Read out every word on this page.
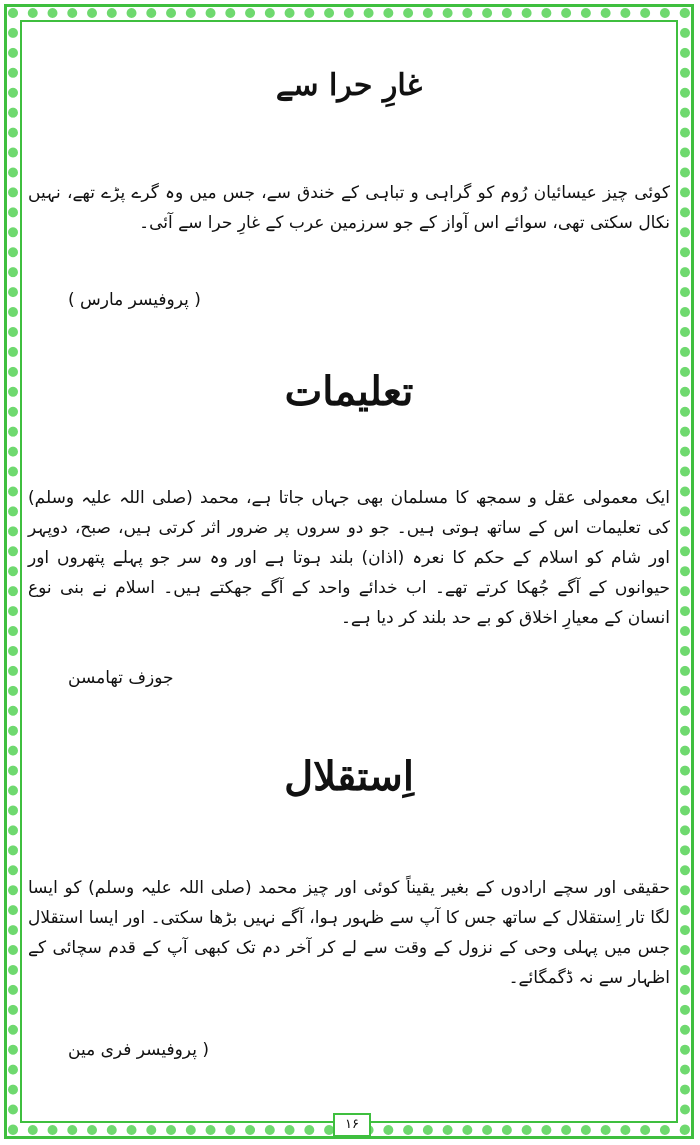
غارِ حرا سے

کوئی چیز عیسائیان رُوم کو گراہی و تباہی کے خندق سے، جس میں وہ گرے پڑے تھے، نہیں نکال سکتی تھی، سوائے اس آواز کے جو سرزمین عرب کے غارِ حرا سے آئی۔

( پروفیسر مارس )

تعلیمات

ایک معمولی عقل و سمجھ کا مسلمان بھی جہاں جاتا ہے، محمد (صلی اللہ علیہ وسلم) کی تعلیمات اس کے ساتھ ہوتی ہیں۔ جو دو سروں پر ضرور اثر کرتی ہیں، صبح، دوپہر اور شام کو اسلام کے حکم کا نعرہ (اذان) بلند ہوتا ہے اور وہ سر جو پہلے پتھروں اور حیوانوں کے آگے جُھکا کرتے تھے۔ اب خدائے واحد کے آگے جھکتے ہیں۔ اسلام نے بنی نوع انسان کے معیارِ اخلاق کو بے حد بلند کر دیا ہے۔

جوزف تھامسن

اِستقلال

حقیقی اور سچے ارادوں کے بغیر یقیناً کوئی اور چیز محمد (صلی اللہ علیہ وسلم) کو ایسا لگا تار اِستقلال کے ساتھ جس کا آپ سے ظہور ہوا، آگے نہیں بڑھا سکتی۔ اور ایسا استقلال جس میں پہلی وحی کے نزول کے وقت سے لے کر آخر دم تک کبھی آپ کے قدم سچائی کے اظہار سے نہ ڈگمگائے۔

( پروفیسر فری مین

۱۶
